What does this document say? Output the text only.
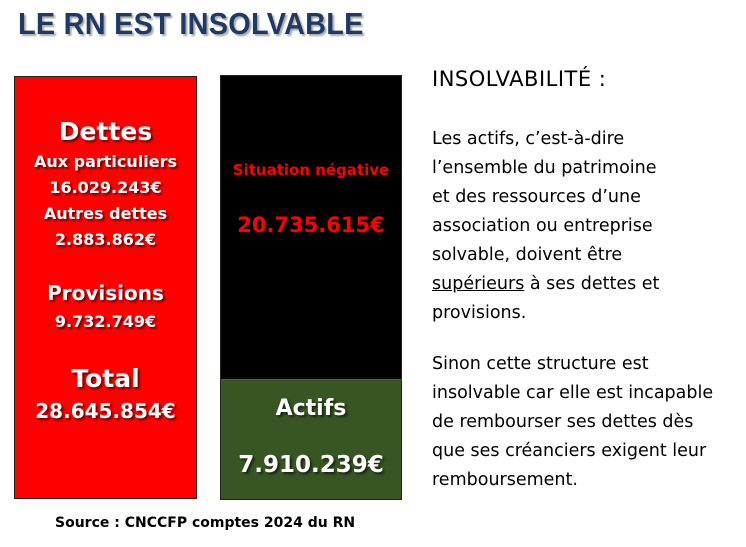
LE RN EST INSOLVABLE
Dettes
Aux particuliers
16.029.243€
Autres dettes
2.883.862€
Provisions
9.732.749€
Total
28.645.854€
Situation négative
20.735.615€
Actifs
7.910.239€
INSOLVABILITÉ :
Les actifs, c’est-à-dire
l’ensemble du patrimoine
et des ressources d’une
association ou entreprise
solvable, doivent être
supérieurs à ses dettes et
provisions.
Sinon cette structure est
insolvable car elle est incapable
de rembourser ses dettes dès
que ses créanciers exigent leur
remboursement.
Source : CNCCFP comptes 2024 du RN
